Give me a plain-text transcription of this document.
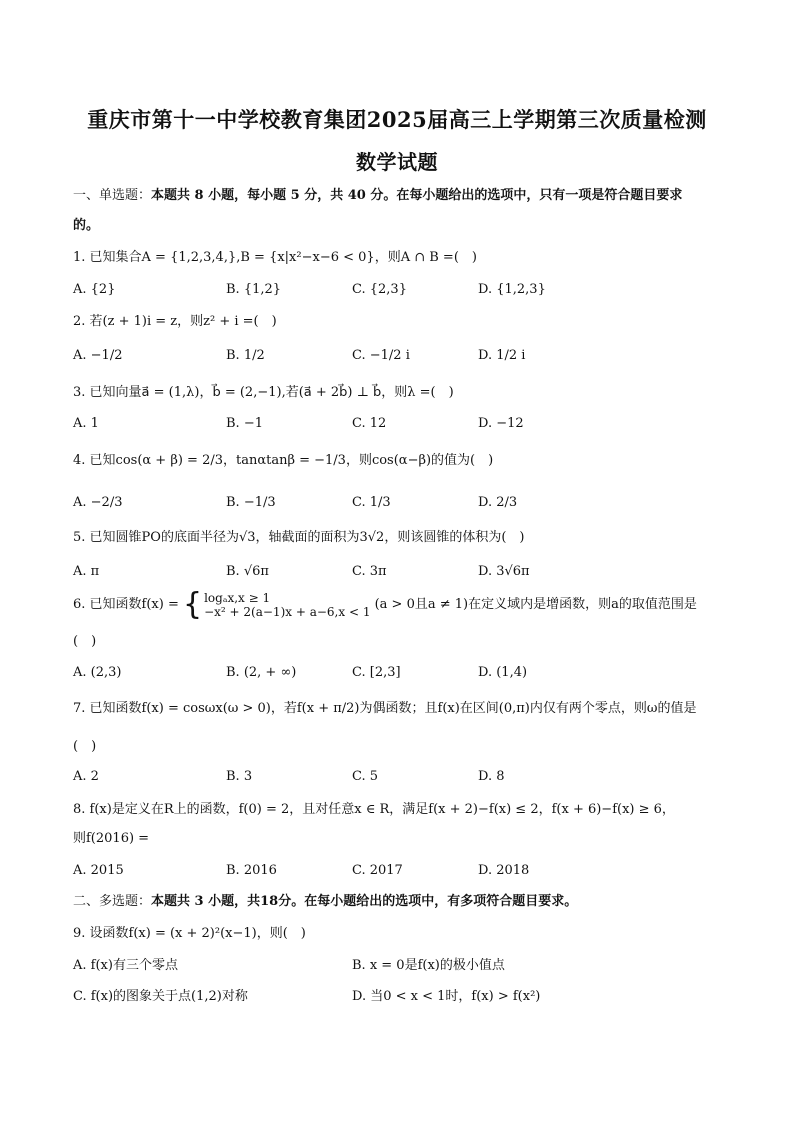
重庆市第十一中学校教育集团2025届高三上学期第三次质量检测
数学试题
一、单选题：本题共 8 小题，每小题 5 分，共 40 分。在每小题给出的选项中，只有一项是符合题目要求
的。
1. 已知集合A = {1,2,3,4,},B = {x|x²−x−6 < 0}，则A ∩ B =(　)
A. {2}	B. {1,2}	C. {2,3}	D. {1,2,3}
2. 若(z + 1)i = z，则z² + i =(　)
A. −1/2	B. 1/2	C. −1/2 i	D. 1/2 i
3. 已知向量a⃗ = (1,λ)，b⃗ = (2,−1),若(a⃗ + 2b⃗) ⊥ b⃗，则λ =(　)
A. 1	B. −1	C. 12	D. −12
4. 已知cos(α + β) = 2/3，tanαtanβ = −1/3，则cos(α−β)的值为(　)
A. −2/3	B. −1/3	C. 1/3	D. 2/3
5. 已知圆锥PO的底面半径为√3，轴截面的面积为3√2，则该圆锥的体积为(　)
A. π	B. √6π	C. 3π	D. 3√6π
6. 已知函数f(x) = { logₐx,x ≥ 1
−x² + 2(a−1)x + a−6,x < 1 (a > 0且a ≠ 1)在定义域内是增函数，则a的取值范围是
(　)
A. (2,3)	B. (2, + ∞)	C. [2,3]	D. (1,4)
7. 已知函数f(x) = cosωx(ω > 0)，若f(x + π/2)为偶函数；且f(x)在区间(0,π)内仅有两个零点，则ω的值是
(　)
A. 2	B. 3	C. 5	D. 8
8. f(x)是定义在R上的函数，f(0) = 2，且对任意x ∈ R，满足f(x + 2)−f(x) ≤ 2，f(x + 6)−f(x) ≥ 6，
则f(2016) =
A. 2015	B. 2016	C. 2017	D. 2018
二、多选题：本题共 3 小题，共18分。在每小题给出的选项中，有多项符合题目要求。
9. 设函数f(x) = (x + 2)²(x−1)，则(　)
A. f(x)有三个零点	B. x = 0是f(x)的极小值点
C. f(x)的图象关于点(1,2)对称	D. 当0 < x < 1时，f(x) > f(x²)
